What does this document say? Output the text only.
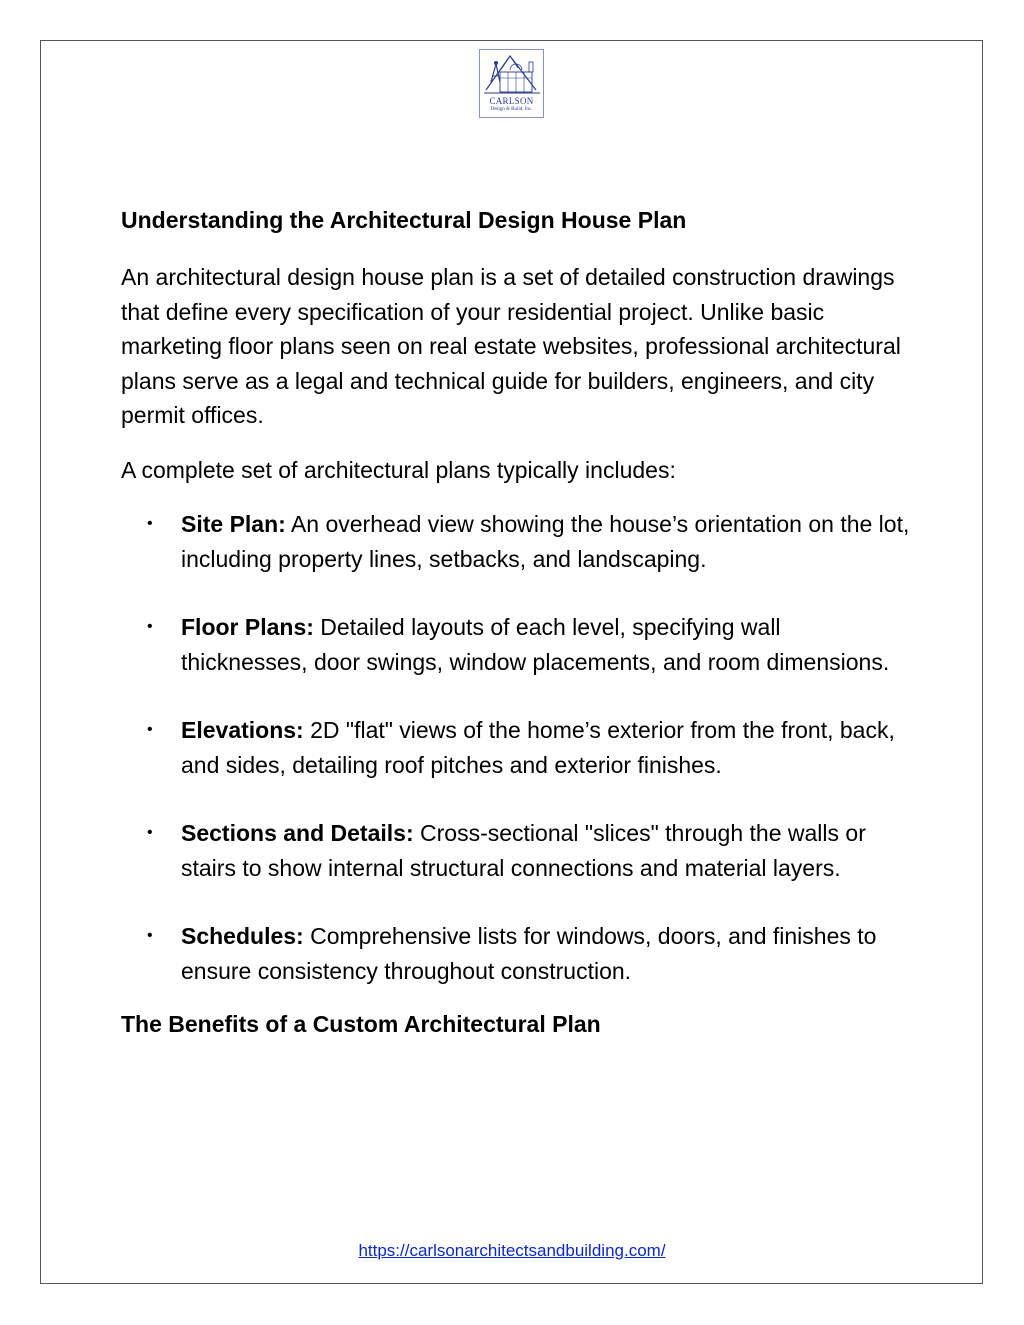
CARLSON
Design & Build, Inc.
Understanding the Architectural Design House Plan

An architectural design house plan is a set of detailed construction drawings that define every specification of your residential project. Unlike basic marketing floor plans seen on real estate websites, professional architectural plans serve as a legal and technical guide for builders, engineers, and city permit offices.

A complete set of architectural plans typically includes:

• Site Plan: An overhead view showing the house’s orientation on the lot, including property lines, setbacks, and landscaping.
• Floor Plans: Detailed layouts of each level, specifying wall thicknesses, door swings, window placements, and room dimensions.
• Elevations: 2D "flat" views of the home’s exterior from the front, back, and sides, detailing roof pitches and exterior finishes.
• Sections and Details: Cross-sectional "slices" through the walls or stairs to show internal structural connections and material layers.
• Schedules: Comprehensive lists for windows, doors, and finishes to ensure consistency throughout construction.
The Benefits of a Custom Architectural Plan
https://carlsonarchitectsandbuilding.com/
